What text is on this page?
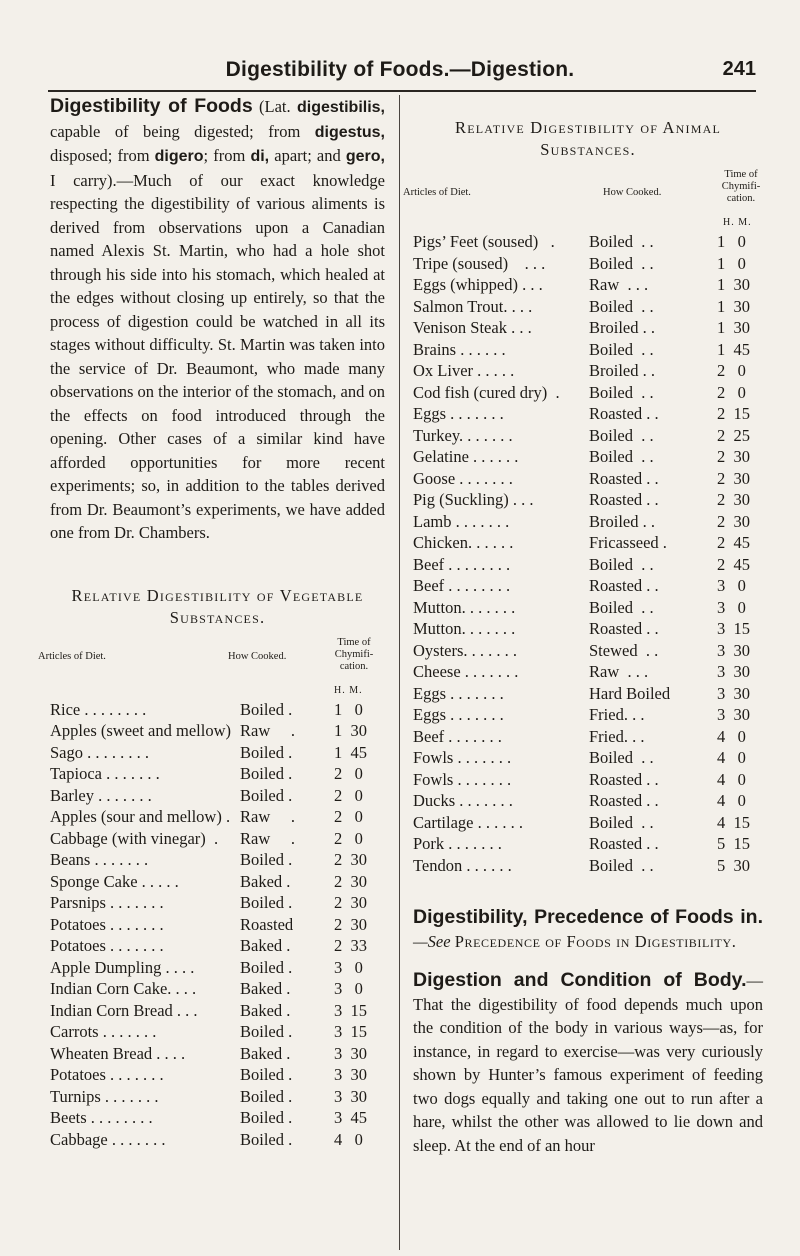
Digestibility of Foods.—Digestion.	241

Digestibility of Foods (Lat. digestibilis, capable of being digested; from digestus, disposed; from digero; from di, apart; and gero, I carry).—Much of our exact knowledge respecting the digestibility of various aliments is derived from observations upon a Canadian named Alexis St. Martin, who had a hole shot through his side into his stomach, which healed at the edges without closing up entirely, so that the process of digestion could be watched in all its stages without difficulty. St. Martin was taken into the service of Dr. Beaumont, who made many observations on the interior of the stomach, and on the effects on food introduced through the opening. Other cases of a similar kind have afforded opportunities for more recent experiments; so, in addition to the tables derived from Dr. Beaumont’s experiments, we have added one from Dr. Chambers.

Relative Digestibility of Vegetable
Substances.
Articles of Diet.	How Cooked.
Time of Chymifi-cation.
H. M.
Rice . . . . . . . .	Boiled .	1   0
Apples (sweet and mellow) Raw     . 1  30
Sago . . . . . . . .	Boiled .	1  45
Tapioca . . . . . . .	Boiled .	2   0
Barley . . . . . . .	Boiled .	2   0
Apples (sour and mellow) . Raw     . 2   0
Cabbage (with vinegar)  . Raw     . 2   0
Beans . . . . . . .	Boiled .	2  30
Sponge Cake . . . . .	Baked .	2  30
Parsnips . . . . . . .	Boiled .	2  30
Potatoes . . . . . . .	Roasted 2  30
Potatoes . . . . . . .	Baked .	2  33
Apple Dumpling . . . .	Boiled .	3   0
Indian Corn Cake. . . .	Baked .	3   0
Indian Corn Bread . . .	Baked .	3  15
Carrots . . . . . . .	Boiled .	3  15
Wheaten Bread . . . .	Baked .	3  30
Potatoes . . . . . . .	Boiled .	3  30
Turnips . . . . . . .	Boiled .	3  30
Beets . . . . . . . .	Boiled .	3  45
Cabbage . . . . . . .	Boiled .	4   0
Relative Digestibility of Animal
Substances.
Articles of Diet.	How Cooked.
Time of Chymifi-cation.
H. M.
Pigs’ Feet (soused)   . Boiled  . .	1   0
Tripe (soused)    . . .	Boiled  . .	1   0
Eggs (whipped) . . .	Raw  . . .	1  30
Salmon Trout. . . .	Boiled  . .	1  30
Venison Steak . . .	Broiled . .	1  30
Brains . . . . . .	Boiled  . .	1  45
Ox Liver . . . . .	Broiled . .	2   0
Cod fish (cured dry)  . Boiled  . .	2   0
Eggs . . . . . . .	Roasted . .	2  15
Turkey. . . . . . .	Boiled  . .	2  25
Gelatine . . . . . .	Boiled  . .	2  30
Goose . . . . . . .	Roasted . .	2  30
Pig (Suckling) . . .	Roasted . .	2  30
Lamb . . . . . . .	Broiled . .	2  30
Chicken. . . . . .	Fricasseed .	2  45
Beef . . . . . . . .	Boiled  . .	2  45
Beef . . . . . . . .	Roasted . .	3   0
Mutton. . . . . . .	Boiled  . .	3   0
Mutton. . . . . . .	Roasted . .	3  15
Oysters. . . . . . .	Stewed  . .	3  30
Cheese . . . . . . .	Raw  . . .	3  30
Eggs . . . . . . .	Hard Boiled	3  30
Eggs . . . . . . .	Fried. . .	3  30
Beef . . . . . . .	Fried. . .	4   0
Fowls . . . . . . .	Boiled  . .	4   0
Fowls . . . . . . .	Roasted . .	4   0
Ducks . . . . . . .	Roasted . .	4   0
Cartilage . . . . . .	Boiled  . .	4  15
Pork . . . . . . .	Roasted . .	5  15
Tendon . . . . . .	Boiled  . .	5  30

Digestibility, Precedence of Foods in.—See Precedence of Foods in Digestibility.

Digestion and Condition of Body.—That the digestibility of food depends much upon the condition of the body in various ways—as, for instance, in regard to exercise—was very curiously shown by Hunter’s famous experiment of feeding two dogs equally and taking one out to run after a hare, whilst the other was allowed to lie down and sleep. At the end of an hour
